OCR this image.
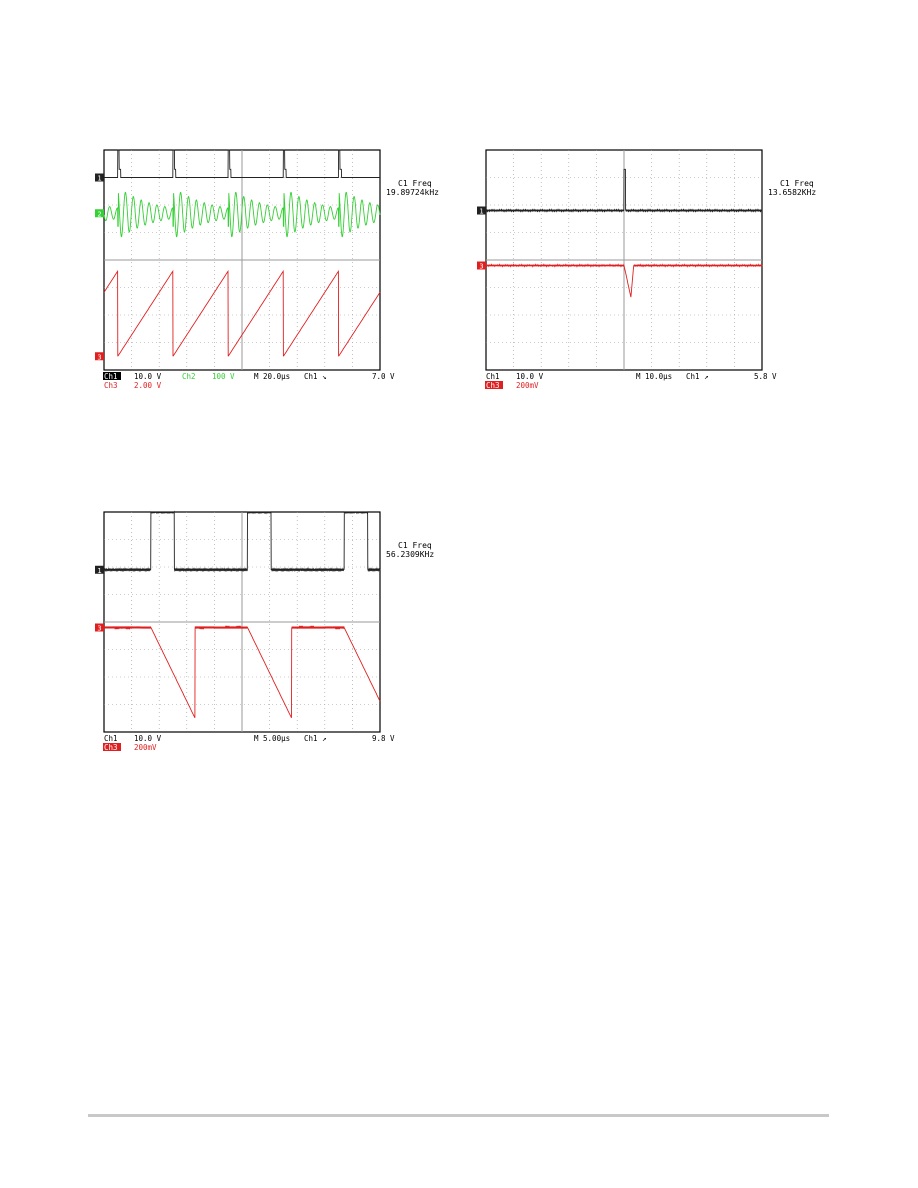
1
2
3
C1 Freq
19.89724kHz
Ch1 10.0 V	Ch2 100 V	M 20.0µs Ch1 ↘	7.0 V
Ch3 2.00 V
1
3
C1 Freq
13.6582KHz
Ch1 10.0 V	M 10.0µs Ch1 ↗	5.8 V
Ch3 200mV
1
3
C1 Freq
56.2309KHz
Ch1 10.0 V	M 5.00µs Ch1 ↗	9.8 V
Ch3 200mV
